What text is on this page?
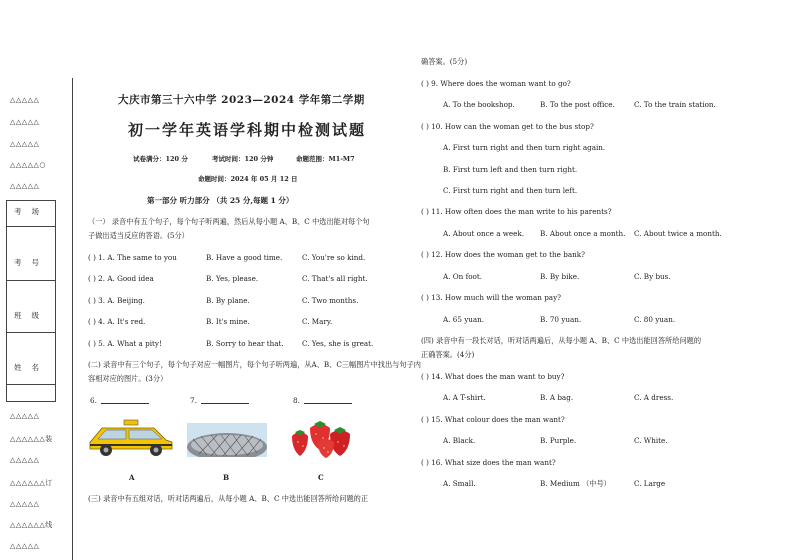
△△△△△
△△△△△
△△△△△
△△△△△○
△△△△△
考场
考号
班级
姓名
△△△△△
△△△△△△装
△△△△△
△△△△△△订
△△△△△
△△△△△△线
△△△△△
大庆市第三十六中学 2023—2024 学年第二学期
初一学年英语学科期中检测试题
试卷满分：120 分	考试时间：120 分钟	命题范围：M1-M7
命题时间：2024 年 05 月 12 日
第一部分 听力部分 （共 25 分,每题 1 分）
（一） 录音中有五个句子，每个句子听两遍，然后从每小题 A、B、C 中选出能对每个句
子做出适当反应的答语。(5分）
( ) 1. A. The same to you	B. Have a good time.	C. You're so kind.
( ) 2. A. Good idea	B. Yes, please.	C. That's all right.
( ) 3. A. Beijing.	B. By plane.	C. Two months.
( ) 4. A. It's red.	B. It's mine.	C. Mary.
( ) 5. A. What a pity!	B. Sorry to hear that.	C. Yes, she is great.
(二) 录音中有三个句子，每个句子对应一幅图片，每个句子听两遍，从A、B、C三幅图片中找出与句子内
容相对应的图片。(3分）
6.	7.	8.
A	B	C
(三) 录音中有五组对话，听对话两遍后，从每小题 A、B、C 中选出能回答所给问题的正
确答案。(5分)
( ) 9. Where does the woman want to go?
A. To the bookshop.	B. To the post office.	C. To the train station.
( ) 10. How can the woman get to the bus stop?
A. First turn right and then turn right again.
B. First turn left and then turn right.
C. First turn right and then turn left.
( ) 11. How often does the man write to his parents?
A. About once a week. B. About once a month. C. About twice a month.
( ) 12. How does the woman get to the bank?
A. On foot.	B. By bike.	C. By bus.
( ) 13. How much will the woman pay?
A. 65 yuan.	B. 70 yuan.	C. 80 yuan.
(四) 录音中有一段长对话，听对话两遍后，从每小题 A、B、C 中选出能回答所给问题的
正确答案。(4分)
( ) 14. What does the man want to buy?
A. A T-shirt.	B. A bag.	C. A dress.
( ) 15. What colour does the man want?
A. Black.	B. Purple.	C. White.
( ) 16. What size does the man want?
A. Small.	B. Medium （中号）	C. Large
